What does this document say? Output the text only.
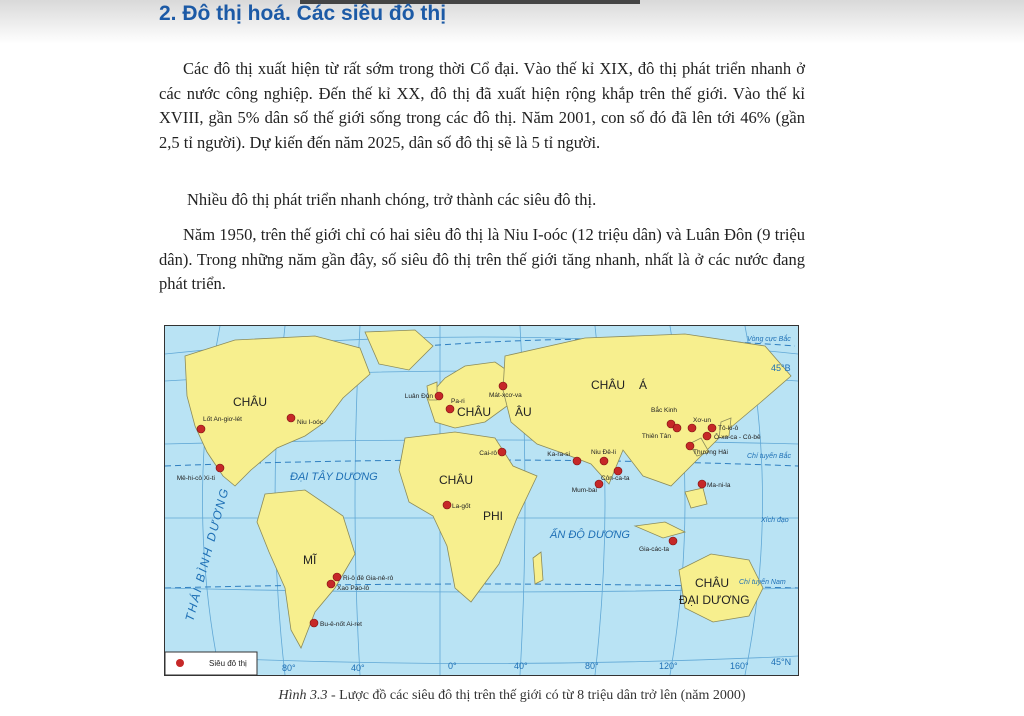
2. Đô thị hoá. Các siêu đô thị

Các đô thị xuất hiện từ rất sớm trong thời Cổ đại. Vào thế kỉ XIX, đô thị phát triển nhanh ở các nước công nghiệp. Đến thế kỉ XX, đô thị đã xuất hiện rộng khắp trên thế giới. Vào thế kỉ XVIII, gần 5% dân số thế giới sống trong các đô thị. Năm 2001, con số đó đã lên tới 46% (gần 2,5 tỉ người). Dự kiến đến năm 2025, dân số đô thị sẽ là 5 tỉ người.

Nhiều đô thị phát triển nhanh chóng, trở thành các siêu đô thị.

Năm 1950, trên thế giới chỉ có hai siêu đô thị là Niu I-oóc (12 triệu dân) và Luân Đôn (9 triệu dân). Trong những năm gần đây, số siêu đô thị trên thế giới tăng nhanh, nhất là ở các nước đang phát triển.

ĐẠI TÂY DƯƠNG
ẤN ĐỘ DƯƠNG
THÁI BÌNH DƯƠNG
Vòng cực Bắc
Chí tuyến Bắc
Xích đạo
Chí tuyến Nam
45°B
45°N
80°	40°	0°	40°	80°	120°	160°
CHÂU
MĨ
CHÂU ÂU
CHÂU
PHI
CHÂU Á
CHÂU
ĐẠI DƯƠNG
Lốt An-giơ-lét	Niu I-oóc
Mê-hi-cô Xi-ti
Luân Đôn
Pa-ri
Mát-xcơ-va
Cai-rô
La-gốt
Ri-ô đê Gia-nê-rô
Xao Pao-lô
Bu-ê-nốt Ai-ret
Ka-ra-si	Niu Đê-li
Mum-bai
Côn-ca-ta
Bắc Kinh
Thiên Tân
Xơ-un
Tô-ki-ô
Ô-xa-ca - Cô-bê
Thượng Hải
Ma-ni-la
Gia-các-ta
Siêu đô thị
Hình 3.3 - Lược đồ các siêu đô thị trên thế giới có từ 8 triệu dân trở lên (năm 2000)
